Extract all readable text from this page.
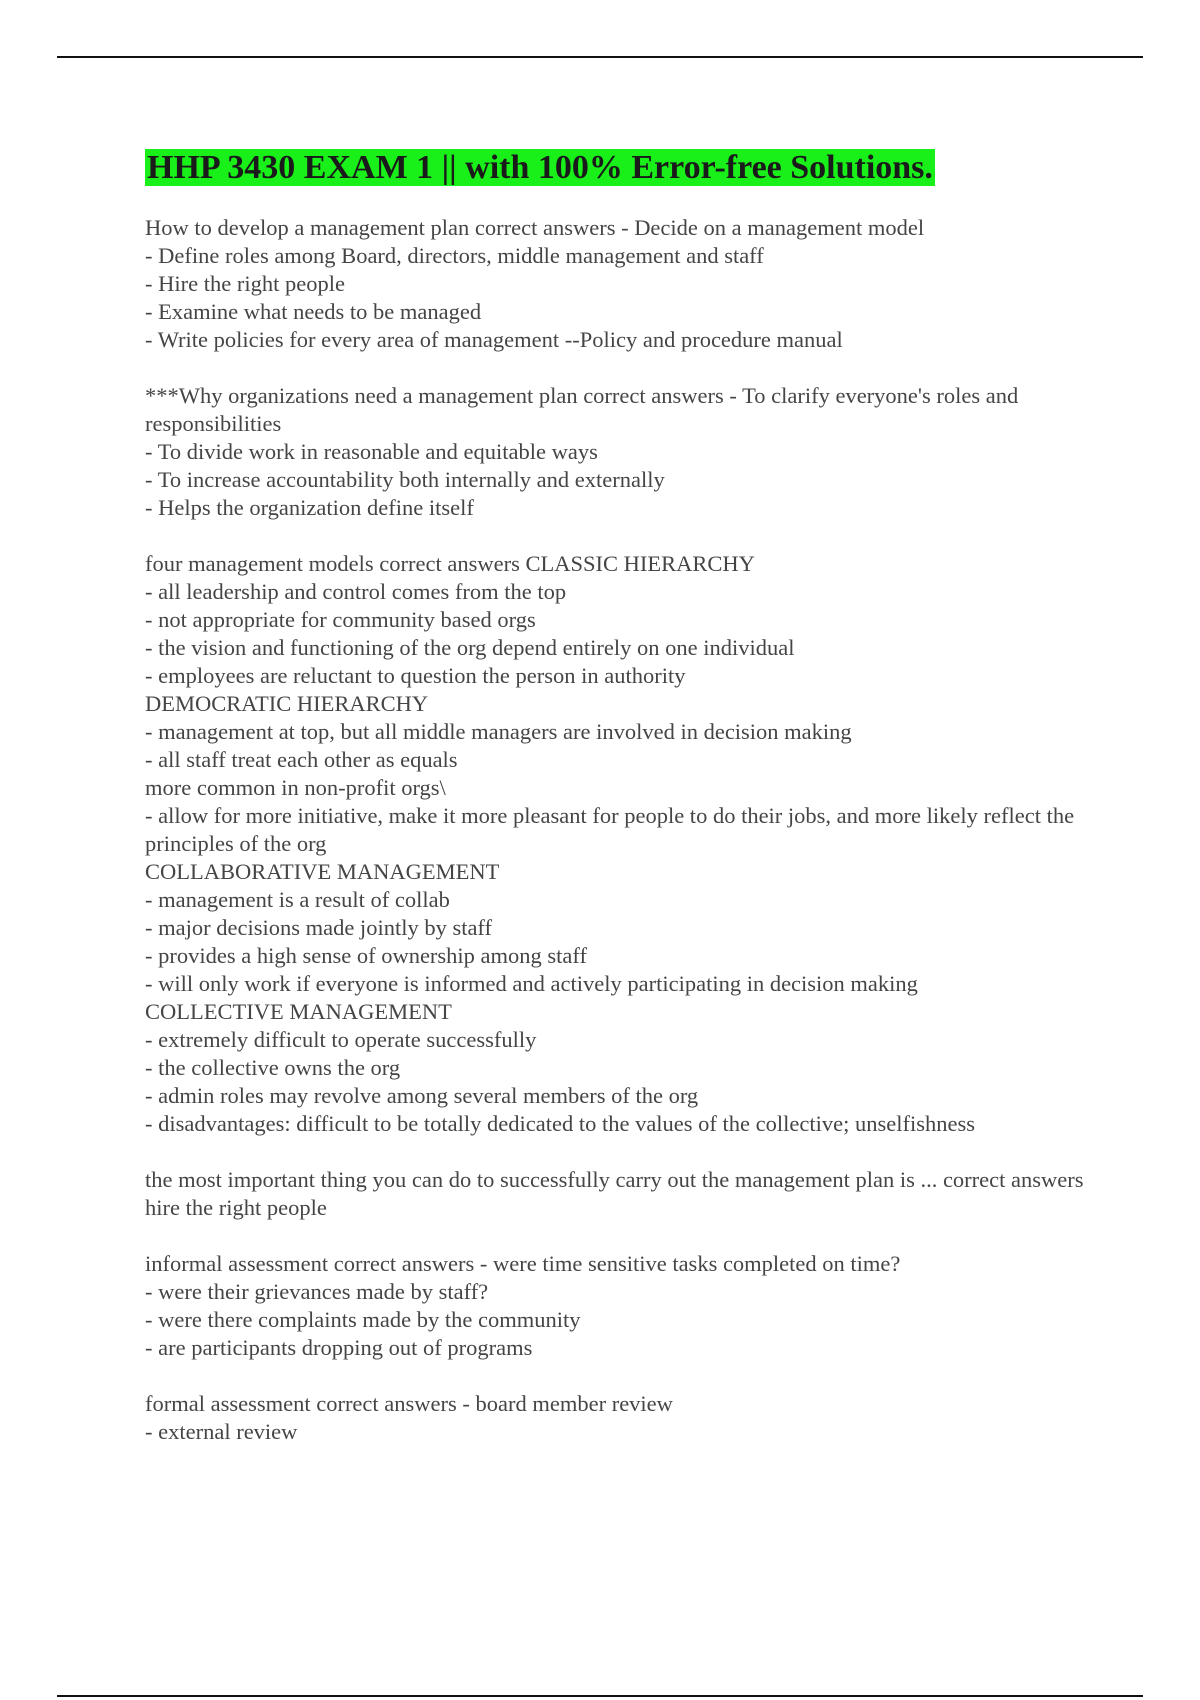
HHP 3430 EXAM 1 || with 100% Error-free Solutions.
How to develop a management plan correct answers - Decide on a management model
- Define roles among Board, directors, middle management and staff
- Hire the right people
- Examine what needs to be managed
- Write policies for every area of management --Policy and procedure manual
***Why organizations need a management plan correct answers - To clarify everyone's roles and responsibilities
- To divide work in reasonable and equitable ways
- To increase accountability both internally and externally
- Helps the organization define itself
four management models correct answers CLASSIC HIERARCHY
- all leadership and control comes from the top
- not appropriate for community based orgs
- the vision and functioning of the org depend entirely on one individual
- employees are reluctant to question the person in authority
DEMOCRATIC HIERARCHY
- management at top, but all middle managers are involved in decision making
- all staff treat each other as equals
more common in non-profit orgs\
- allow for more initiative, make it more pleasant for people to do their jobs, and more likely reflect the principles of the org
COLLABORATIVE MANAGEMENT
- management is a result of collab
- major decisions made jointly by staff
- provides a high sense of ownership among staff
- will only work if everyone is informed and actively participating in decision making
COLLECTIVE MANAGEMENT
- extremely difficult to operate successfully
- the collective owns the org
- admin roles may revolve among several members of the org
- disadvantages: difficult to be totally dedicated to the values of the collective; unselfishness
the most important thing you can do to successfully carry out the management plan is ... correct answers hire the right people
informal assessment correct answers - were time sensitive tasks completed on time?
- were their grievances made by staff?
- were there complaints made by the community
- are participants dropping out of programs
formal assessment correct answers - board member review
- external review
